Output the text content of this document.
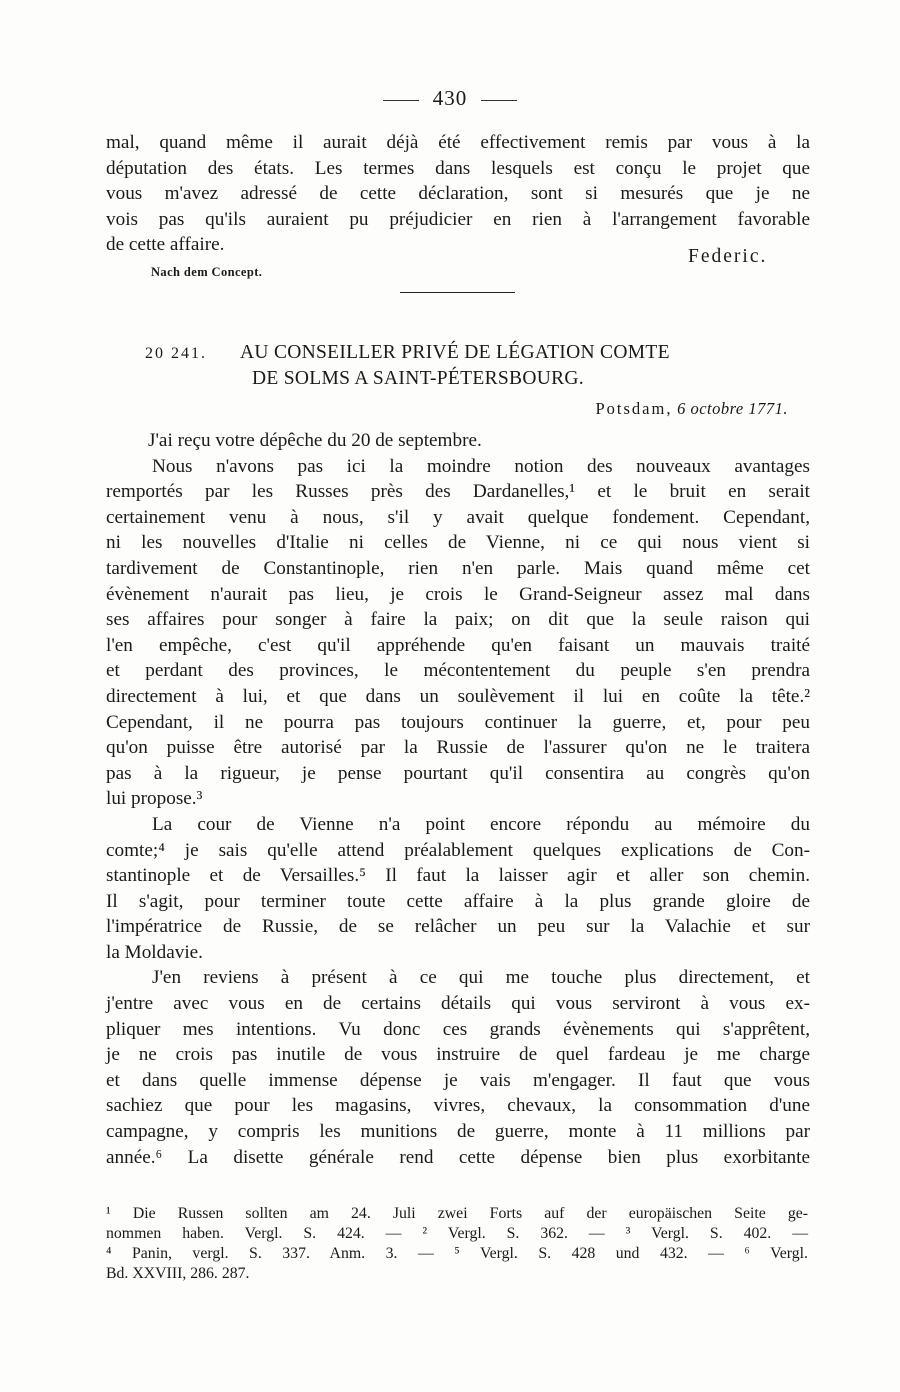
430

mal, quand même il aurait déjà été effectivement remis par vous à la

députation des états. Les termes dans lesquels est conçu le projet que

vous m'avez adressé de cette déclaration, sont si mesurés que je ne

vois pas qu'ils auraient pu préjudicier en rien à l'arrangement favorable

de cette affaire.

Federic.
Nach dem Concept.
20 241. AU CONSEILLER PRIVÉ DE LÉGATION COMTE
DE SOLMS A SAINT-PÉTERSBOURG.
Potsdam, 6 octobre 1771.

J'ai reçu votre dépêche du 20 de septembre.

Nous n'avons pas ici la moindre notion des nouveaux avantages

remportés par les Russes près des Dardanelles,¹ et le bruit en serait

certainement venu à nous, s'il y avait quelque fondement. Cependant,

ni les nouvelles d'Italie ni celles de Vienne, ni ce qui nous vient si

tardivement de Constantinople, rien n'en parle. Mais quand même cet

évènement n'aurait pas lieu, je crois le Grand-Seigneur assez mal dans

ses affaires pour songer à faire la paix; on dit que la seule raison qui

l'en empêche, c'est qu'il appréhende qu'en faisant un mauvais traité

et perdant des provinces, le mécontentement du peuple s'en prendra

directement à lui, et que dans un soulèvement il lui en coûte la tête.²

Cependant, il ne pourra pas toujours continuer la guerre, et, pour peu

qu'on puisse être autorisé par la Russie de l'assurer qu'on ne le traitera

pas à la rigueur, je pense pourtant qu'il consentira au congrès qu'on

lui propose.³

La cour de Vienne n'a point encore répondu au mémoire du

comte;⁴ je sais qu'elle attend préalablement quelques explications de Con-

stantinople et de Versailles.⁵ Il faut la laisser agir et aller son chemin.

Il s'agit, pour terminer toute cette affaire à la plus grande gloire de

l'impératrice de Russie, de se relâcher un peu sur la Valachie et sur

la Moldavie.

J'en reviens à présent à ce qui me touche plus directement, et

j'entre avec vous en de certains détails qui vous serviront à vous ex-

pliquer mes intentions. Vu donc ces grands évènements qui s'apprêtent,

je ne crois pas inutile de vous instruire de quel fardeau je me charge

et dans quelle immense dépense je vais m'engager. Il faut que vous

sachiez que pour les magasins, vivres, chevaux, la consommation d'une

campagne, y compris les munitions de guerre, monte à 11 millions par

année.⁶ La disette générale rend cette dépense bien plus exorbitante

¹ Die Russen sollten am 24. Juli zwei Forts auf der europäischen Seite ge-

nommen haben. Vergl. S. 424. — ² Vergl. S. 362. — ³ Vergl. S. 402. —

⁴ Panin, vergl. S. 337. Anm. 3. — ⁵ Vergl. S. 428 und 432. — ⁶ Vergl.

Bd. XXVIII, 286. 287.
